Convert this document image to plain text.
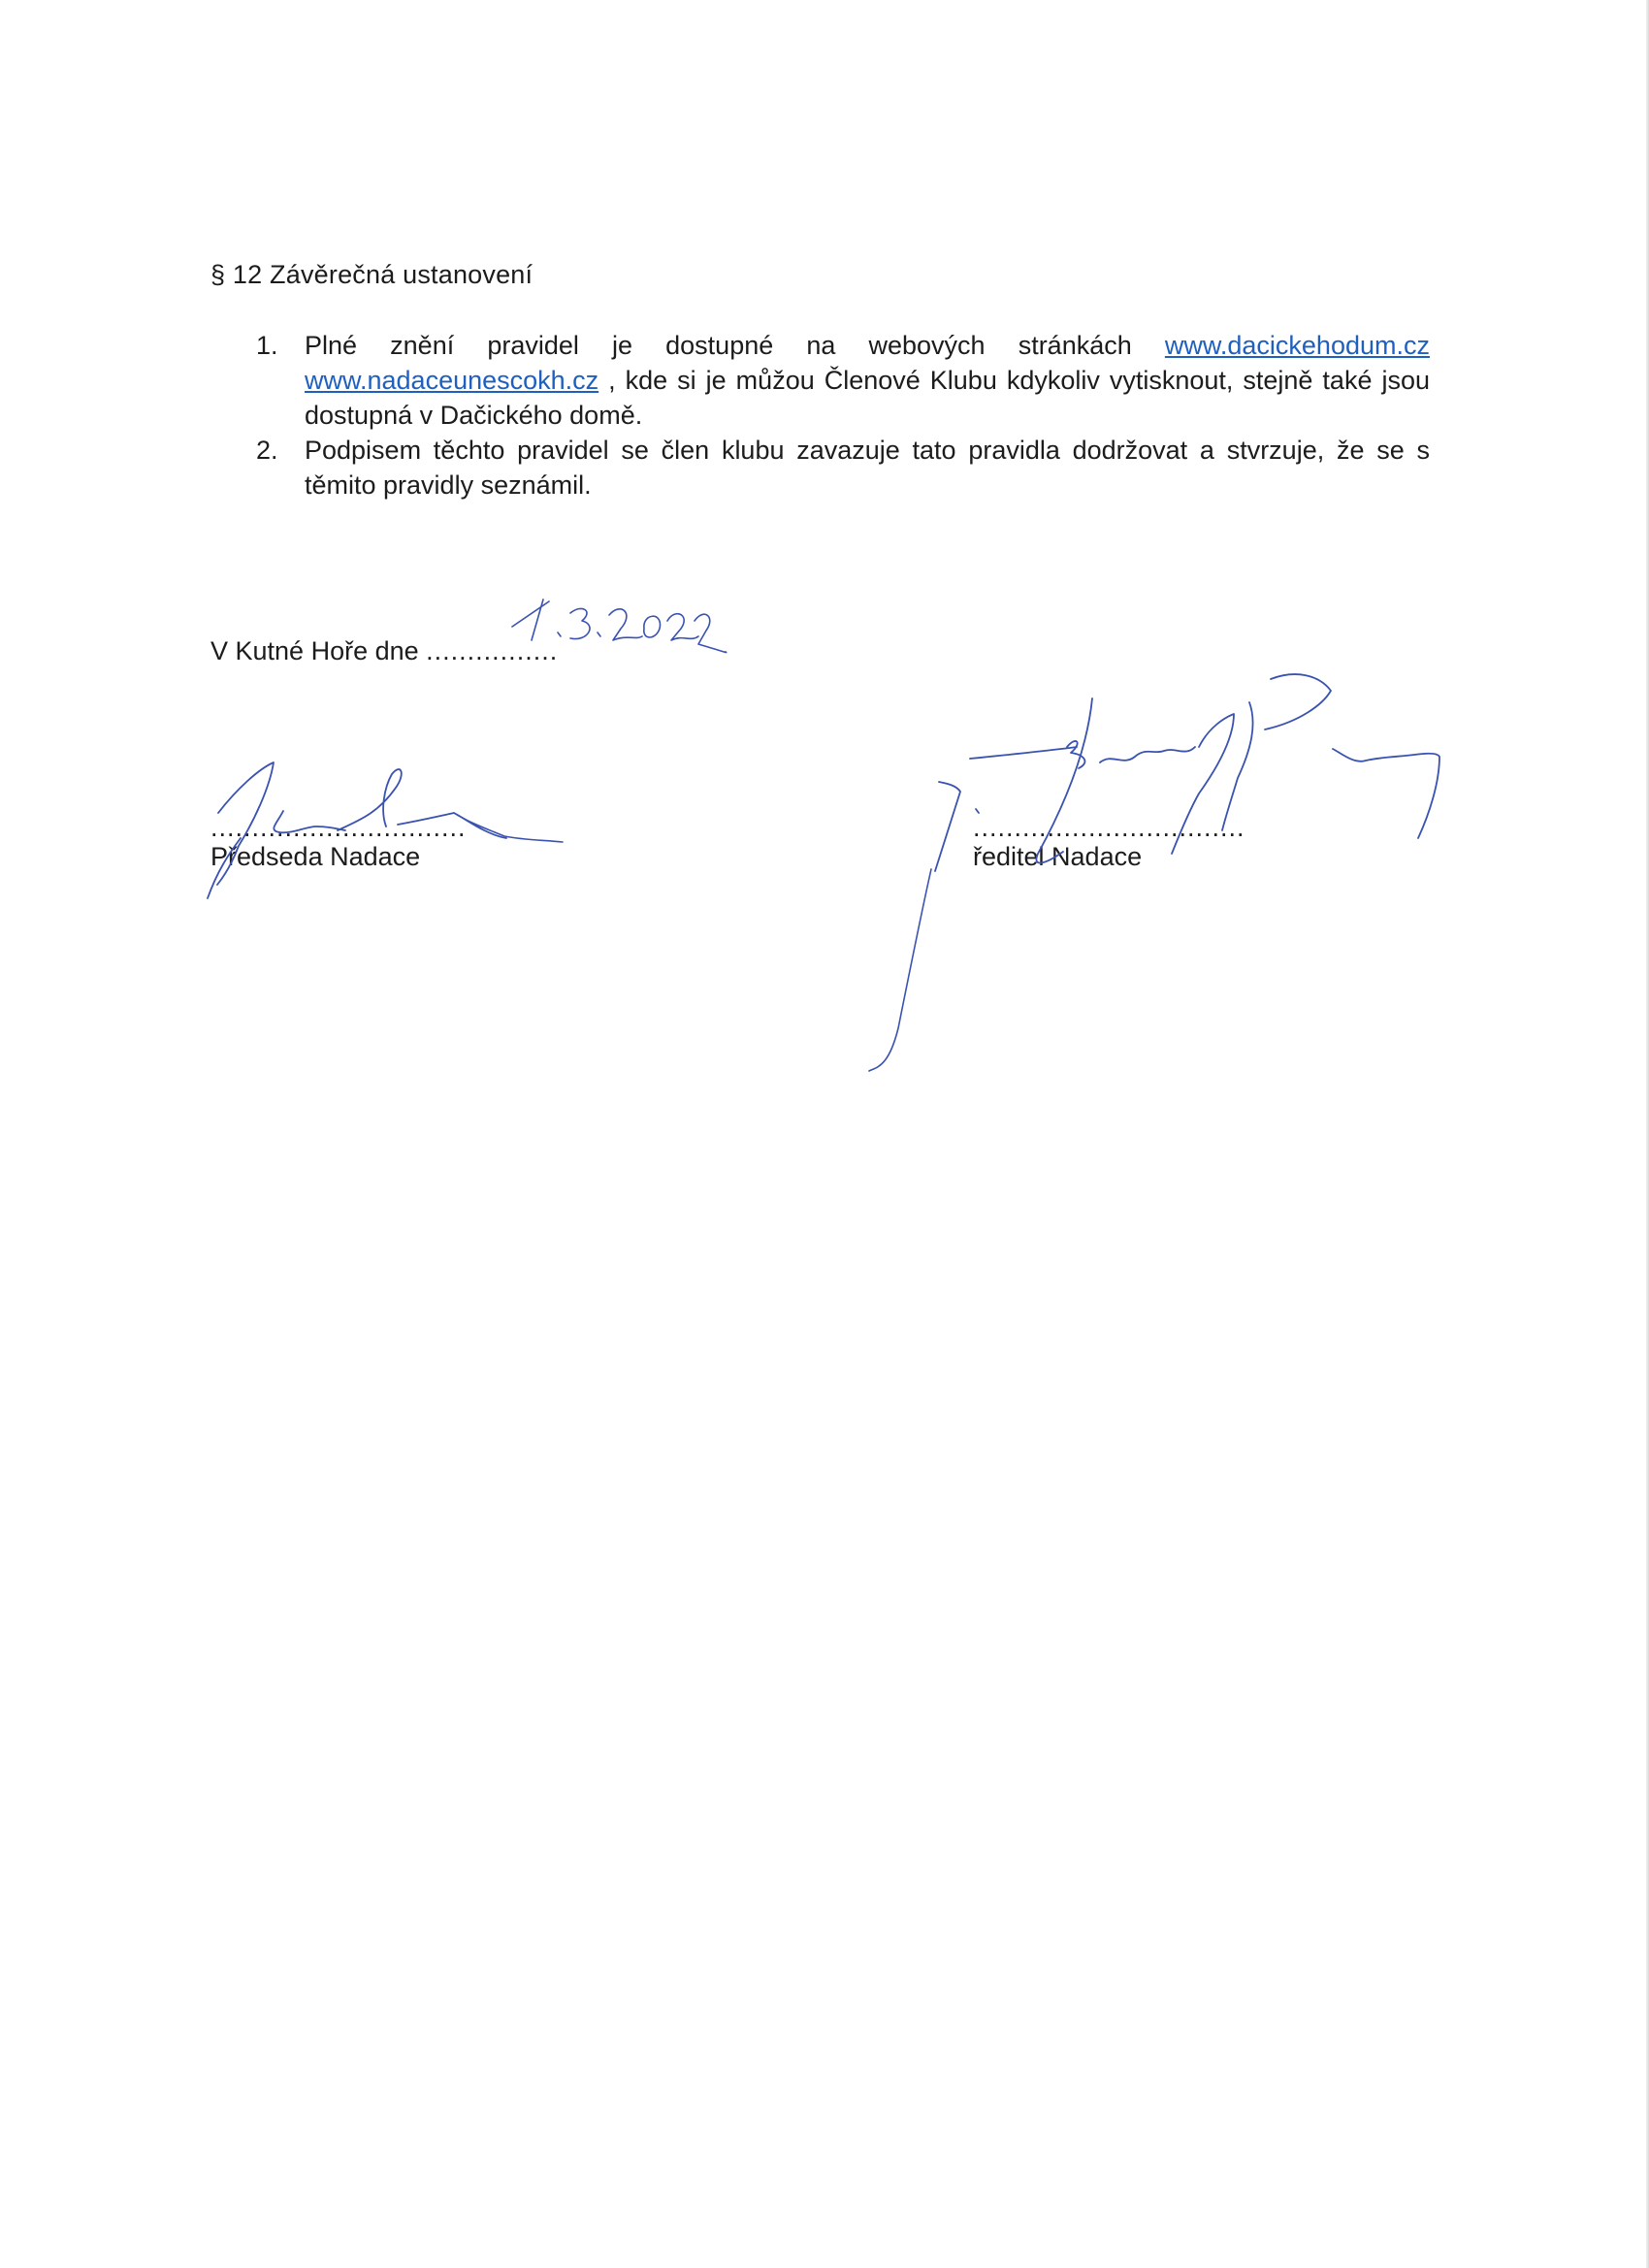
§ 12 Závěrečná ustanovení
1. Plné znění pravidel je dostupné na webových stránkách www.dacickehodum.cz www.nadaceunescokh.cz , kde si je můžou Členové Klubu kdykoliv vytisknout, stejně také jsou dostupná v Dačického domě.
2. Podpisem těchto pravidel se člen klubu zavazuje tato pravidla dodržovat a stvrzuje, že se s těmito pravidly seznámil.
V Kutné Hoře dne ................
...............................
Předseda Nadace
.................................
ředitel Nadace
